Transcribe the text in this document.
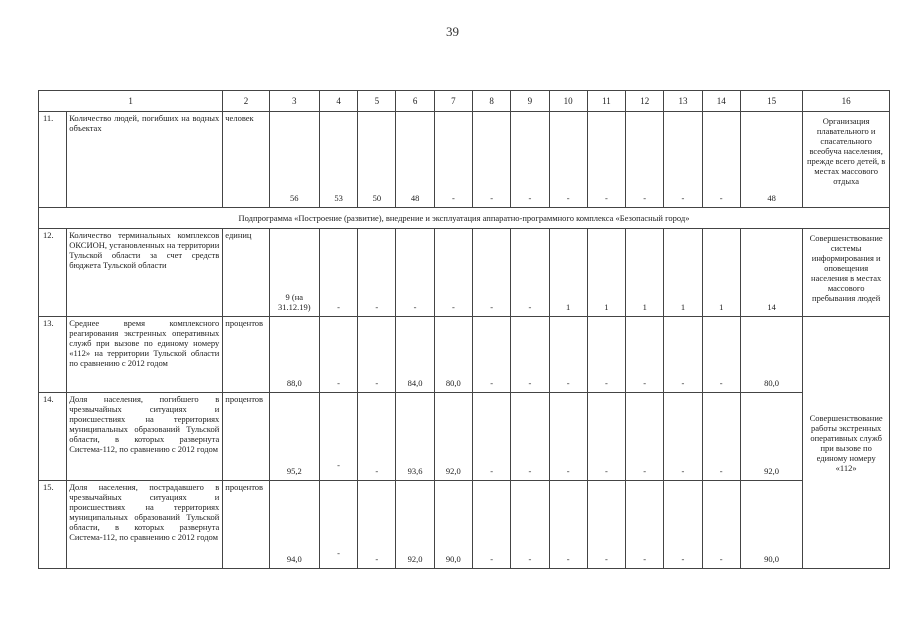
39
1		2	3	4	5	6	7	8	9	10	11	12	13	14	15	16
11.	Количество людей, погибших на водных объектах	человек	56	53	50	48	-	-	-	-	-	-	-	-	48	Организация плавательного и спасательного всеобуча населения, прежде всего детей, в местах массового отдыха
Подпрограмма «Построение (развитие), внедрение и эксплуатация аппаратно-программного комплекса «Безопасный город»																
12.	Количество терминальных комплексов ОКСИОН, установленных на территории Тульской области за счет средств бюджета Тульской области	единиц	9 (на 31.12.19)	-	-	-	-	-	-	1	1	1	1	1	14	Совершенствование системы информирования и оповещения населения в местах массового пребывания людей
13.	Среднее время комплексного реагирования экстренных оперативных служб при вызове по единому номеру «112» на территории Тульской области по сравнению с 2012 годом	процентов	88,0	-	-	84,0	80,0	-	-	-	-	-	-	-	80,0	Совершенствование работы экстренных оперативных служб при вызове по единому номеру «112»
14.	Доля населения, погибшего в чрезвычайных ситуациях и происшествиях на территориях муниципальных образований Тульской области, в которых развернута Система-112, по сравнению с 2012 годом	процентов	95,2	-	-	93,6	92,0	-	-	-	-	-	-	-	92,0	
15.	Доля населения, пострадавшего в чрезвычайных ситуациях и происшествиях на территориях муниципальных образований Тульской области, в которых развернута Система-112, по сравнению с 2012 годом	процентов	94,0	-	-	92,0	90,0	-	-	-	-	-	-	-	90,0	
